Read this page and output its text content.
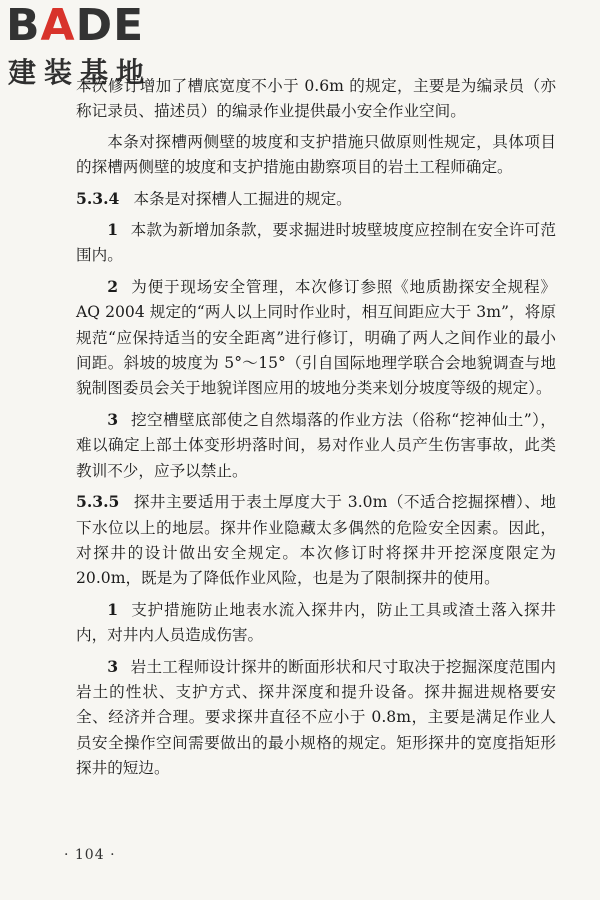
BADE
建装基地

本次修订增加了槽底宽度不小于 0.6m 的规定，主要是为编录员（亦称记录员、描述员）的编录作业提供最小安全作业空间。

本条对探槽两侧壁的坡度和支护措施只做原则性规定，具体项目的探槽两侧壁的坡度和支护措施由勘察项目的岩土工程师确定。

5.3.4 本条是对探槽人工掘进的规定。

1 本款为新增加条款，要求掘进时坡壁坡度应控制在安全许可范围内。

2 为便于现场安全管理，本次修订参照《地质勘探安全规程》AQ 2004 规定的“两人以上同时作业时，相互间距应大于 3m”，将原规范“应保持适当的安全距离”进行修订，明确了两人之间作业的最小间距。斜坡的坡度为 5°～15°（引自国际地理学联合会地貌调查与地貌制图委员会关于地貌详图应用的坡地分类来划分坡度等级的规定）。

3 挖空槽壁底部使之自然塌落的作业方法（俗称“挖神仙土”），难以确定上部土体变形坍落时间，易对作业人员产生伤害事故，此类教训不少，应予以禁止。

5.3.5 探井主要适用于表土厚度大于 3.0m（不适合挖掘探槽）、地下水位以上的地层。探井作业隐藏太多偶然的危险安全因素。因此，对探井的设计做出安全规定。本次修订时将探井开挖深度限定为 20.0m，既是为了降低作业风险，也是为了限制探井的使用。

1 支护措施防止地表水流入探井内，防止工具或渣土落入探井内，对井内人员造成伤害。

3 岩土工程师设计探井的断面形状和尺寸取决于挖掘深度范围内岩土的性状、支护方式、探井深度和提升设备。探井掘进规格要安全、经济并合理。要求探井直径不应小于 0.8m，主要是满足作业人员安全操作空间需要做出的最小规格的规定。矩形探井的宽度指矩形探井的短边。

· 104 ·
